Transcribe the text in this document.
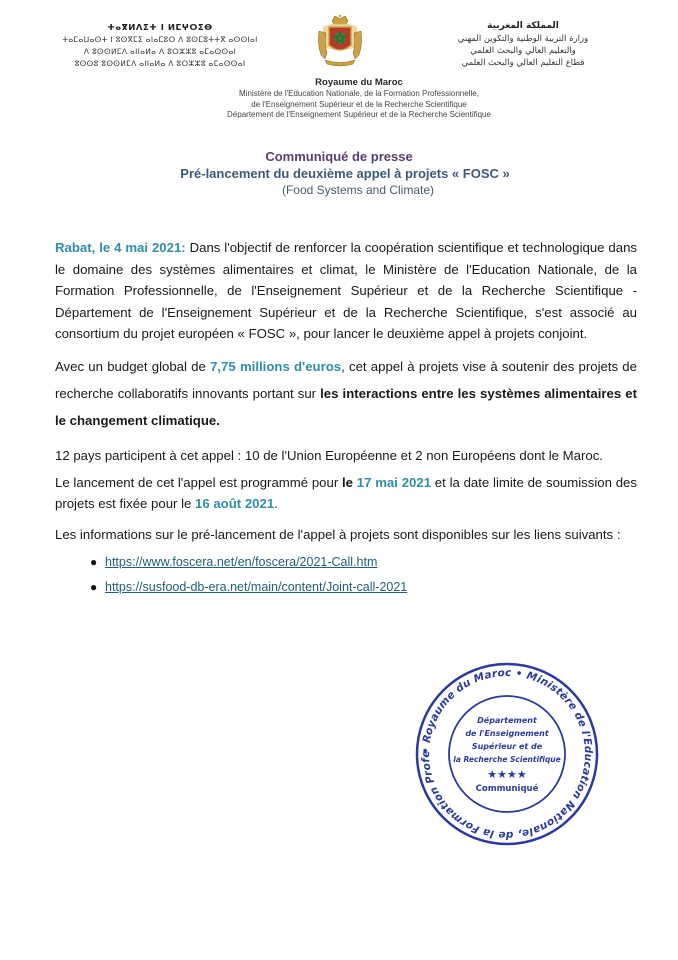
ⵜⴰⴳⵍⴷⵉⵜ ⵏ ⵍⵎⵖⵔⵉⴱ
ⵜⴰⵎⴰⵡⴰⵙⵜ ⵏ ⵓⵙⴳⵎⵉ ⴰⵏⴰⵎⵓⵔ ⴷ ⵓⵙⵎⵓⵜⵜⴳ ⴰⵙⵙⵏⴰⵏ
ⴷ ⵓⵙⵙⵍⵎⴷ ⴰⵏⵏⴰⵍⴰ ⴷ ⵓⵔⵣⵣⵓ ⴰⵎⴰⵙⵙⴰⵏ
ⵓⵙⵙⵓ ⵓⵙⵙⵍⵎⴷ ⴰⵏⵏⴰⵍⴰ ⴷ ⵓⵔⵣⵣⵓ ⴰⵎⴰⵙⵙⴰⵏ
المملكة المغربية
وزارة التربية الوطنية والتكوين المهني
والتعليم العالي والبحث العلمي
قطاع التعليم العالي والبحث العلمي
Royaume du Maroc
Ministère de l'Education Nationale, de la Formation Professionnelle,
de l'Enseignement Supérieur et de la Recherche Scientifique
Département de l'Enseignement Supérieur et de la Recherche Scientifique
Communiqué de presse
Pré-lancement du deuxième appel à projets « FOSC »
(Food Systems and Climate)

Rabat, le 4 mai 2021: Dans l'objectif de renforcer la coopération scientifique et technologique dans le domaine des systèmes alimentaires et climat, le Ministère de l'Education Nationale, de la Formation Professionnelle, de l'Enseignement Supérieur et de la Recherche Scientifique - Département de l'Enseignement Supérieur et de la Recherche Scientifique, s'est associé au consortium du projet européen « FOSC », pour lancer le deuxième appel à projets conjoint.

Avec un budget global de 7,75 millions d'euros, cet appel à projets vise à soutenir des projets de recherche collaboratifs innovants portant sur les interactions entre les systèmes alimentaires et le changement climatique.

12 pays participent à cet appel : 10 de l'Union Européenne et 2 non Européens dont le Maroc.

Le lancement de cet l'appel est programmé pour le 17 mai 2021 et la date limite de soumission des projets est fixée pour le 16 août 2021.

Les informations sur le pré-lancement de l'appel à projets sont disponibles sur les liens suivants :

● https://www.foscera.net/en/foscera/2021-Call.htm
● https://susfood-db-era.net/main/content/Joint-call-2021
• Royaume du Maroc • Ministère de l'Education Nationale, de la Formation Profe
Département
de l'Enseignement
Supérieur et de
la Recherche Scientifique
★★★★
Communiqué
